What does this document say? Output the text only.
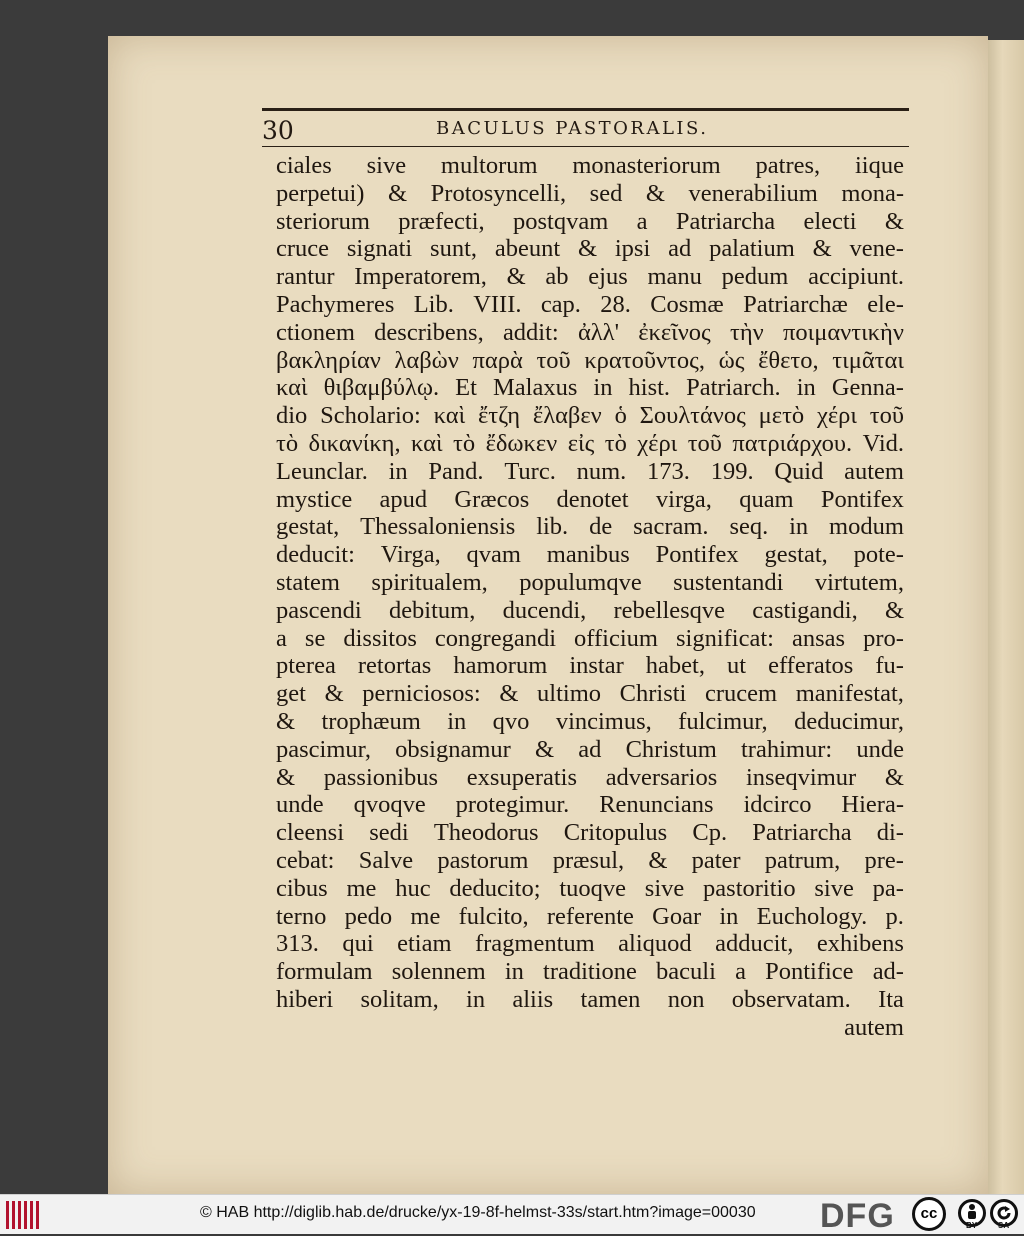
30	BACULUS PASTORALIS.
ciales sive multorum monasteriorum patres, iique
perpetui) & Protosyncelli, sed & venerabilium mona-
steriorum præfecti, postqvam a Patriarcha electi &
cruce signati sunt, abeunt & ipsi ad palatium & vene-
rantur Imperatorem, & ab ejus manu pedum accipiunt.
Pachymeres Lib. VIII. cap. 28. Cosmæ Patriarchæ ele-
ctionem describens, addit: ἀλλ' ἐκεῖνος τὴν ποιμαντικὴν
βακληρίαν λαβὼν παρὰ τοῦ κρατοῦντος, ὡς ἔθετο, τιμᾶται
καὶ θιβαμβύλῳ. Et Malaxus in hist. Patriarch. in Genna-
dio Scholario: καὶ ἔτζη ἔλαβεν ὁ Σουλτάνος μετὸ χέρι τοῦ
τὸ δικανίκη, καὶ τὸ ἔδωκεν εἰς τὸ χέρι τοῦ πατριάρχου. Vid.
Leunclar. in Pand. Turc. num. 173. 199. Quid autem
mystice apud Græcos denotet virga, quam Pontifex
gestat, Thessaloniensis lib. de sacram. seq. in modum
deducit: Virga, qvam manibus Pontifex gestat, pote-
statem spiritualem, populumqve sustentandi virtutem,
pascendi debitum, ducendi, rebellesqve castigandi, &
a se dissitos congregandi officium significat: ansas pro-
pterea retortas hamorum instar habet, ut efferatos fu-
get & perniciosos: & ultimo Christi crucem manifestat,
& trophæum in qvo vincimus, fulcimur, deducimur,
pascimur, obsignamur & ad Christum trahimur: unde
& passionibus exsuperatis adversarios inseqvimur &
unde qvoqve protegimur. Renuncians idcirco Hiera-
cleensi sedi Theodorus Critopulus Cp. Patriarcha di-
cebat: Salve pastorum præsul, & pater patrum, pre-
cibus me huc deducito; tuoqve sive pastoritio sive pa-
terno pedo me fulcito, referente Goar in Euchology. p.
313. qui etiam fragmentum aliquod adducit, exhibens
formulam solennem in traditione baculi a Pontifice ad-
hiberi solitam, in aliis tamen non observatam. Ita
autem
© HAB http://diglib.hab.de/drucke/yx-19-8f-helmst-33s/start.htm?image=00030 DFG	cc
BY	SA
